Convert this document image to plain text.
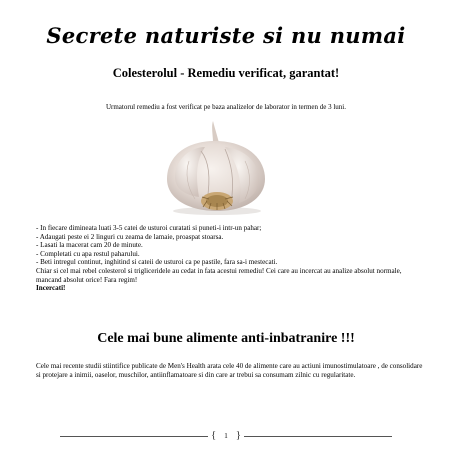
Secrete naturiste si nu numai
Colesterolul - Remediu verificat, garantat!
Urmatorul remediu a fost verificat pe baza analizelor de laborator in termen de 3 luni.
- In fiecare dimineata luati 3-5 catei de usturoi curatati si puneti-i intr-un pahar;
- Adaugati peste ei 2 linguri cu zeama de lamaie, proaspat stoarsa.
- Lasati la macerat cam 20 de minute.
- Completati cu apa restul paharului.
- Beti intregul continut, inghitind si cateii de usturoi ca pe pastile, fara sa-i mestecati.
Chiar si cel mai rebel colesterol si trigliceridele au cedat in fata acestui remediu! Cei care au incercat au analize absolut normale, mancand absolut orice! Fara regim!
Incercati!
Cele mai bune alimente anti-inbatranire !!!
Cele mai recente studii stiintifice publicate de Men's Health arata cele 40 de alimente care au actiuni imunostimulatoare , de consolidare si protejare a inimii, oaselor, muschilor, antiinflamatoare si din care ar trebui sa consumam zilnic cu regularitate.
{ 1 }
